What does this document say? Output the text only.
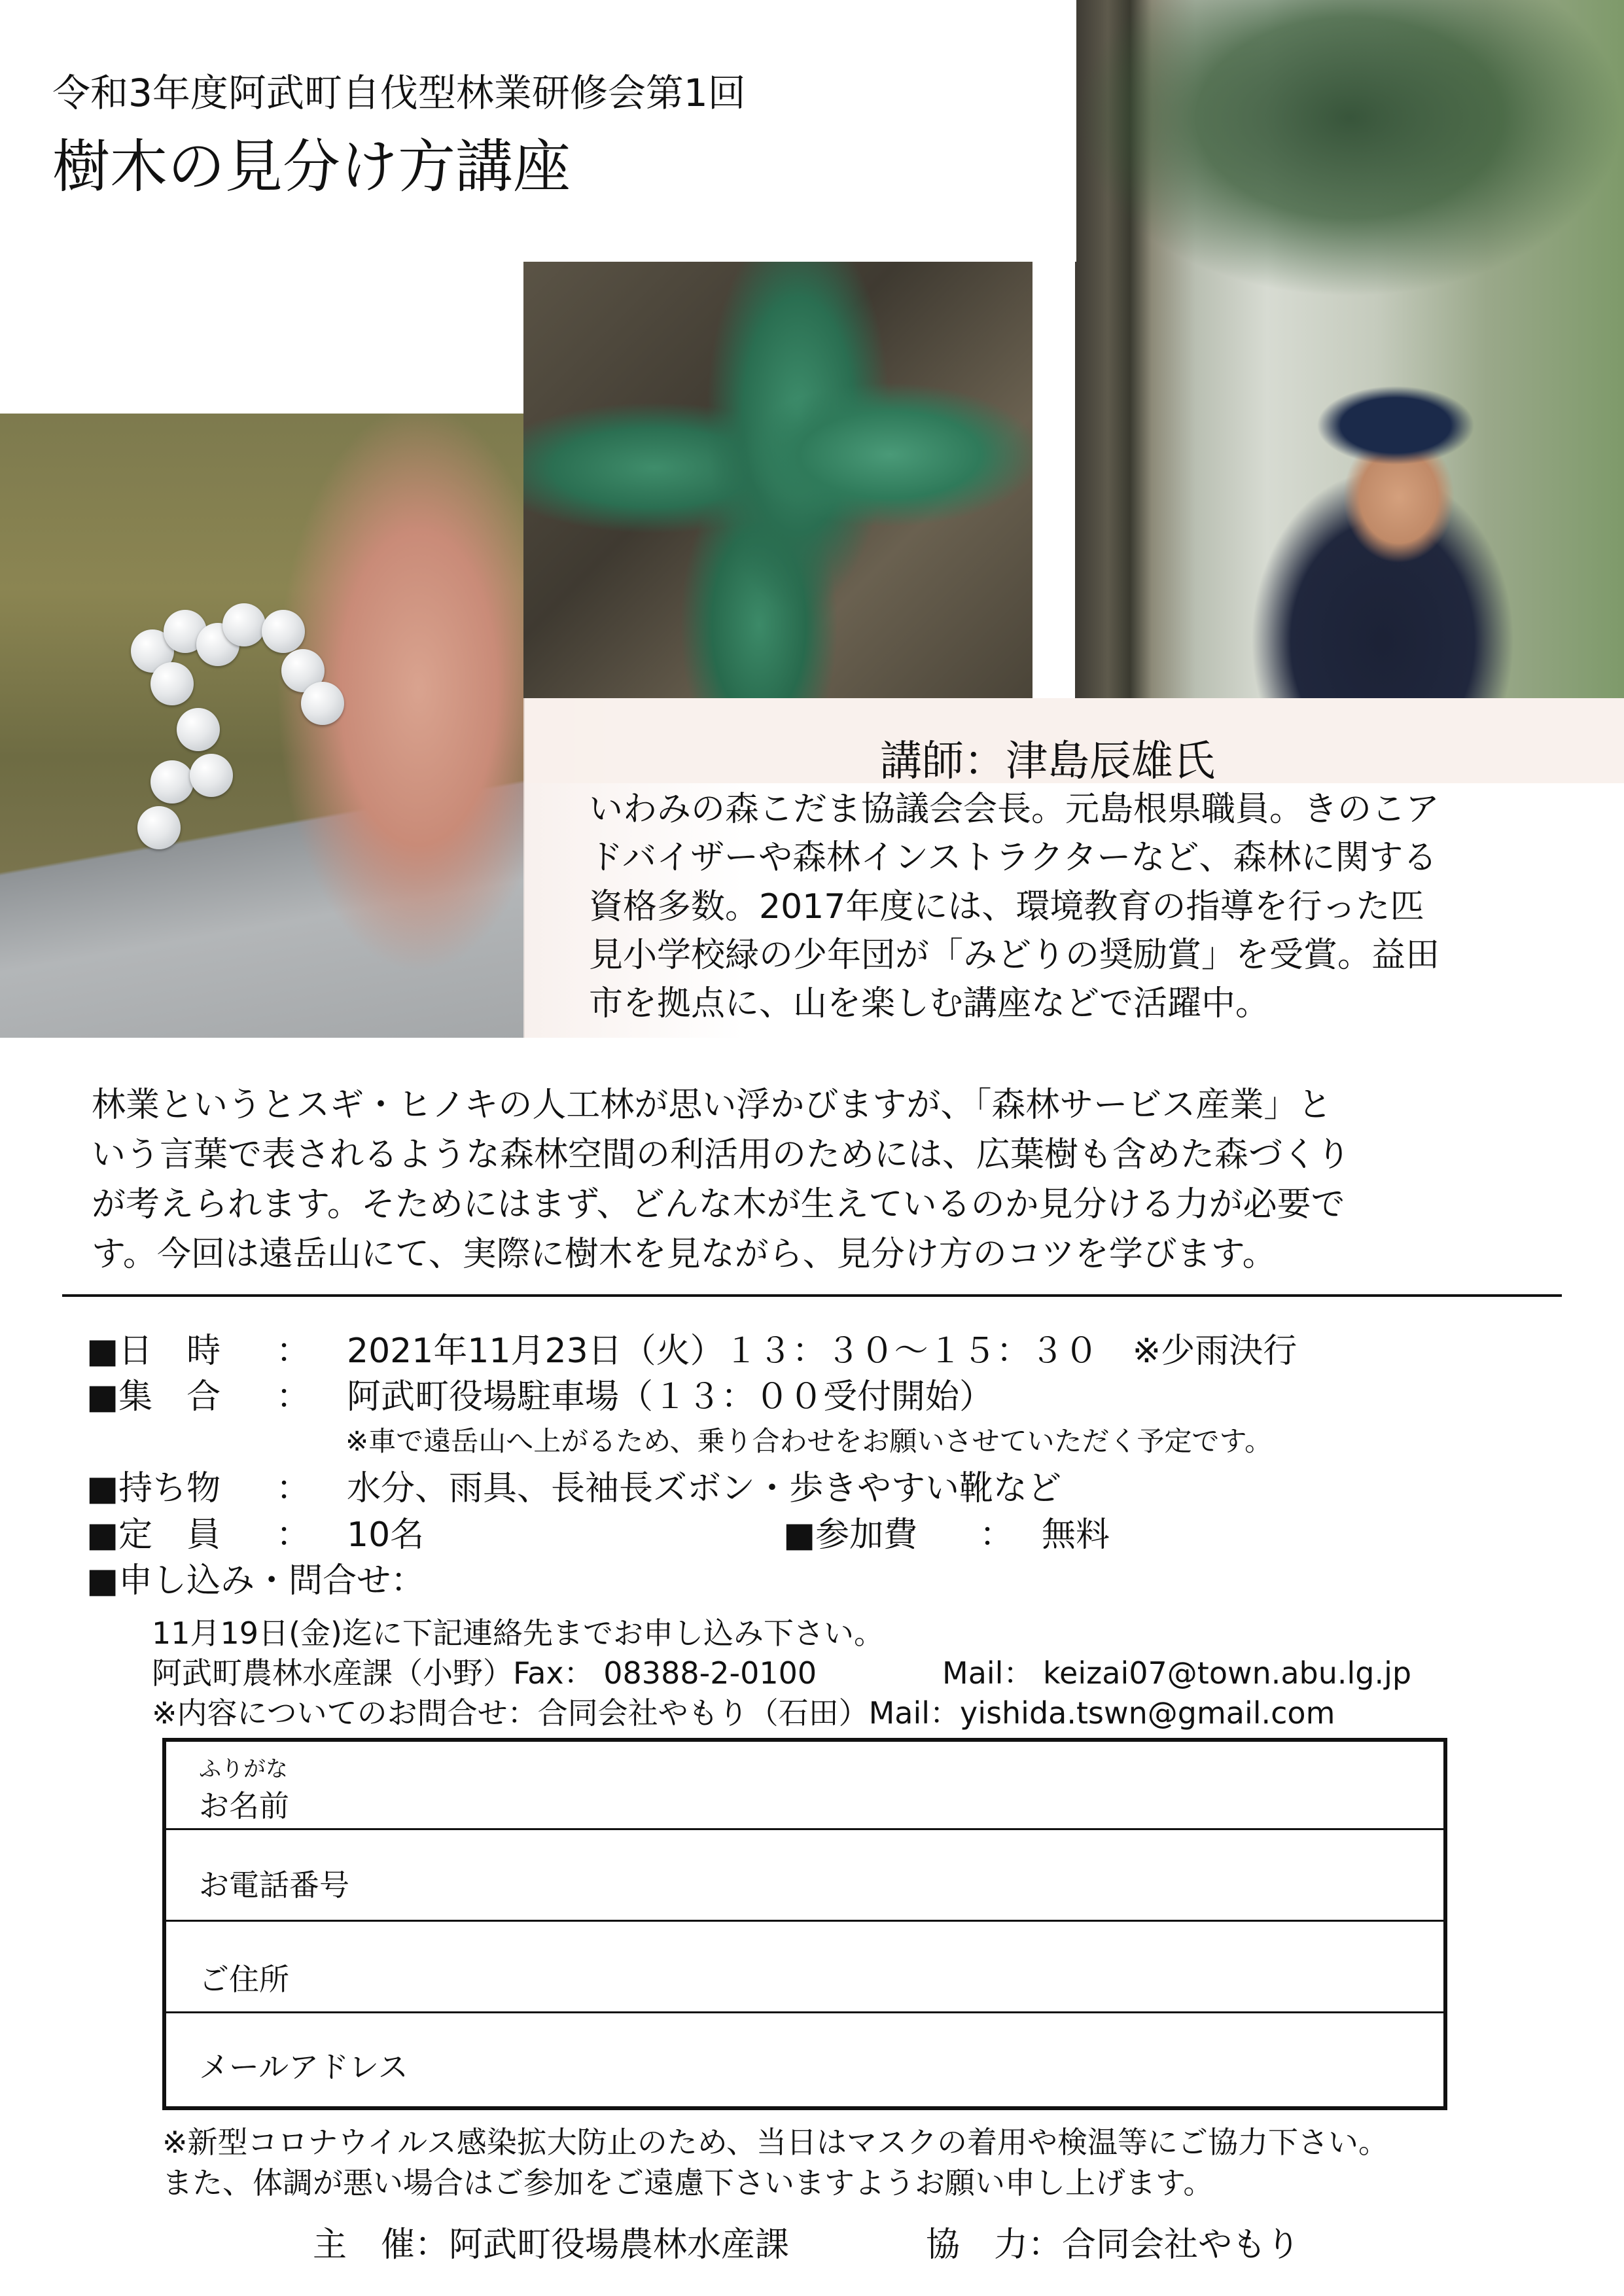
令和3年度阿武町自伐型林業研修会第1回
樹木の見分け方講座
講師：津島辰雄氏
いわみの森こだま協議会会長。元島根県職員。きのこア
ドバイザーや森林インストラクターなど、森林に関する
資格多数。2017年度には、環境教育の指導を行った匹
見小学校緑の少年団が「みどりの奨励賞」を受賞。益田
市を拠点に、山を楽しむ講座などで活躍中。
林業というとスギ・ヒノキの人工林が思い浮かびますが、「森林サービス産業」と
いう言葉で表されるような森林空間の利活用のためには、広葉樹も含めた森づくり
が考えられます。そためにはまず、どんな木が生えているのか見分ける力が必要で
す。今回は遠岳山にて、実際に樹木を見ながら、見分け方のコツを学びます。
■日　時 ： 2021年11月23日（火）１３：３０～１５：３０　※少雨決行
■集　合 ： 阿武町役場駐車場（１３：００受付開始）
※車で遠岳山へ上がるため、乗り合わせをお願いさせていただく予定です。
■持ち物 ： 水分、雨具、長袖長ズボン・歩きやすい靴など
■定　員 ： 10名	■参加費 ： 無料
■申し込み・問合せ：
11月19日(金)迄に下記連絡先までお申し込み下さい。
阿武町農林水産課（小野）Fax： 08388-2-0100	Mail： keizai07@town.abu.lg.jp
※内容についてのお問合せ：合同会社やもり（石田）Mail：yishida.tswn@gmail.com
ふりがな
お名前
お電話番号
ご住所
メールアドレス
※新型コロナウイルス感染拡大防止のため、当日はマスクの着用や検温等にご協力下さい。
また、体調が悪い場合はご参加をご遠慮下さいますようお願い申し上げます。
主　催：阿武町役場農林水産課	協　力：合同会社やもり
